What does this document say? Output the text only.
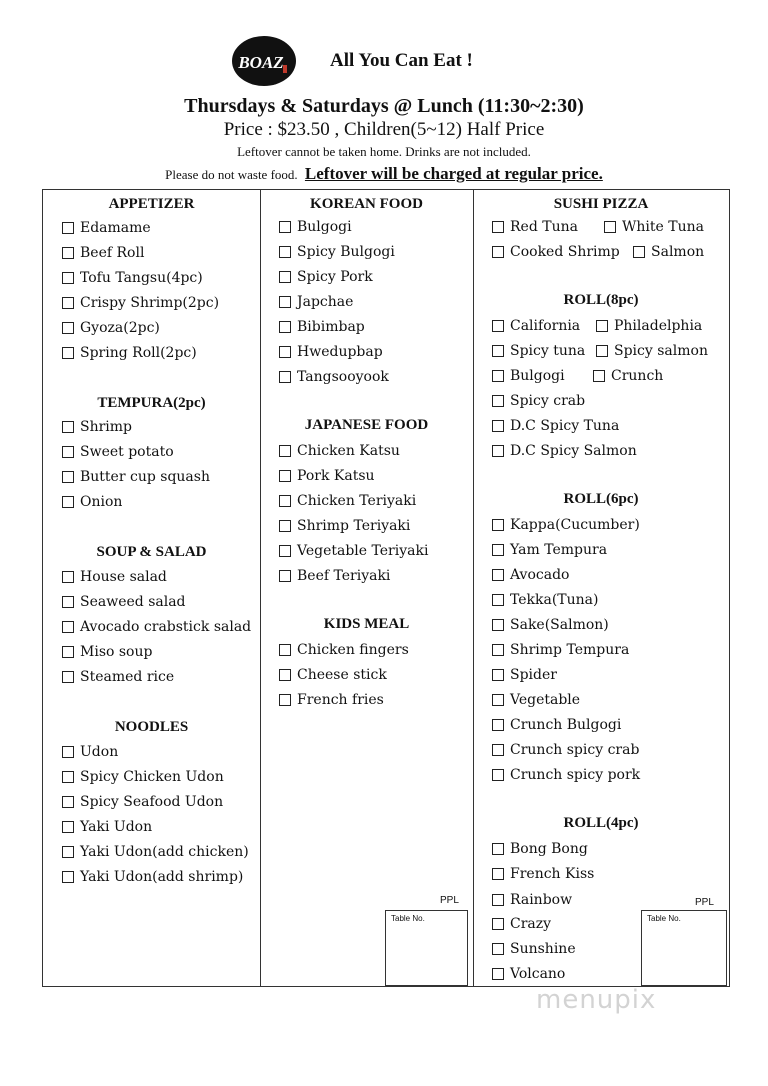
BOAZ All You Can Eat !
Thursdays & Saturdays @ Lunch (11:30~2:30)
Price : $23.50 , Children(5~12) Half Price
Leftover cannot be taken home. Drinks are not included.
Please do not waste food. Leftover will be charged at regular price.
APPETIZER
Edamame
Beef Roll
Tofu Tangsu(4pc)
Crispy Shrimp(2pc)
Gyoza(2pc)
Spring Roll(2pc)
TEMPURA(2pc)
Shrimp
Sweet potato
Butter cup squash
Onion
SOUP & SALAD
House salad
Seaweed salad
Avocado crabstick salad
Miso soup
Steamed rice
NOODLES
Udon
Spicy Chicken Udon
Spicy Seafood Udon
Yaki Udon
Yaki Udon(add chicken)
Yaki Udon(add shrimp)
KOREAN FOOD
Bulgogi
Spicy Bulgogi
Spicy Pork
Japchae
Bibimbap
Hwedupbap
Tangsooyook
JAPANESE FOOD
Chicken Katsu
Pork Katsu
Chicken Teriyaki
Shrimp Teriyaki
Vegetable Teriyaki
Beef Teriyaki
KIDS MEAL
Chicken fingers
Cheese stick
French fries
PPL
Table No.
SUSHI PIZZA
Red Tuna	White Tuna
Cooked Shrimp Salmon
ROLL(8pc)
California Philadelphia
Spicy tuna Spicy salmon
Bulgogi	Crunch
Spicy crab
D.C Spicy Tuna
D.C Spicy Salmon
ROLL(6pc)
Kappa(Cucumber)
Yam Tempura
Avocado
Tekka(Tuna)
Sake(Salmon)
Shrimp Tempura
Spider
Vegetable
Crunch Bulgogi
Crunch spicy crab
Crunch spicy pork
ROLL(4pc)
Bong Bong
French Kiss
Rainbow
Crazy
Sunshine
Volcano
PPL
Table No.
menupix
